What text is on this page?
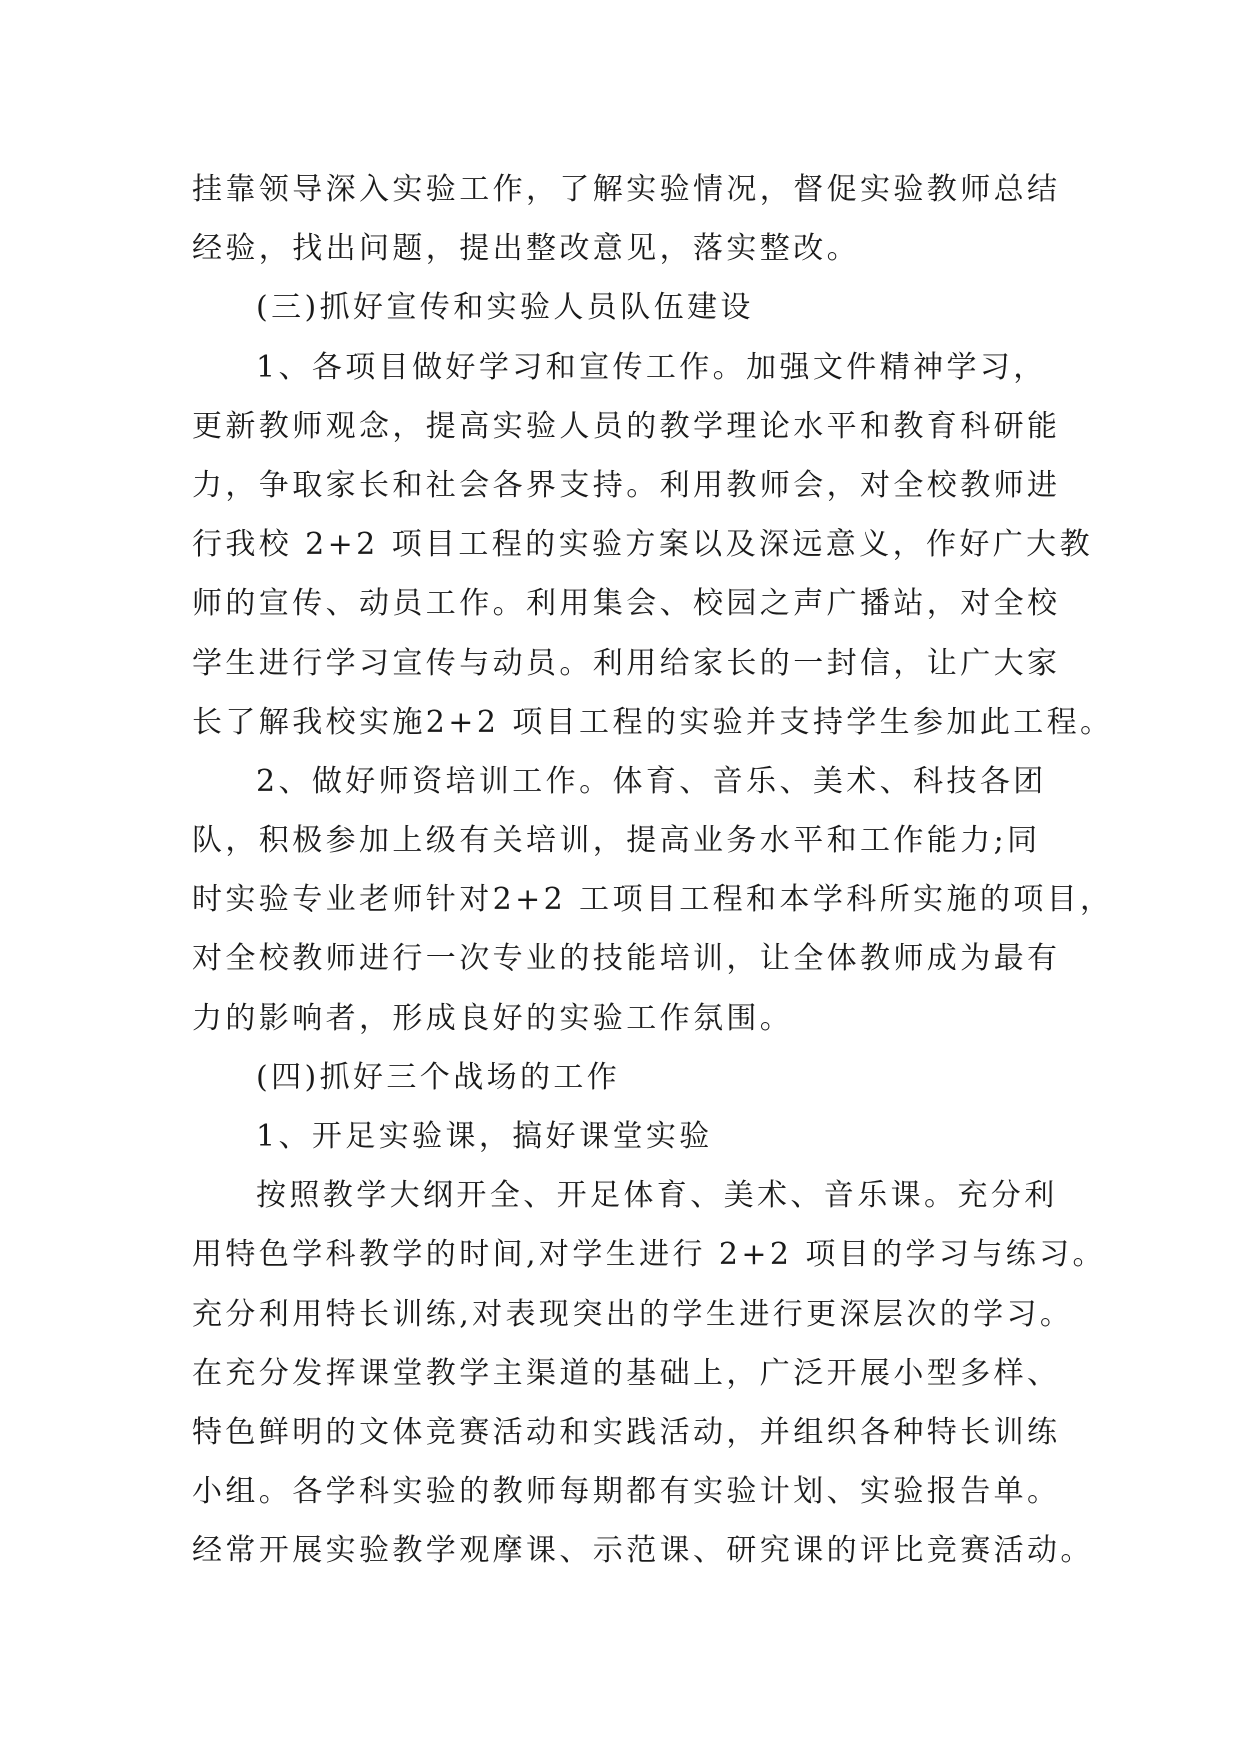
挂靠领导深入实验工作，了解实验情况，督促实验教师总结
经验，找出问题，提出整改意见，落实整改。
(三)抓好宣传和实验人员队伍建设
1、各项目做好学习和宣传工作。加强文件精神学习，
更新教师观念，提高实验人员的教学理论水平和教育科研能
力，争取家长和社会各界支持。利用教师会，对全校教师进
行我校 2+2 项目工程的实验方案以及深远意义，作好广大教
师的宣传、动员工作。利用集会、校园之声广播站，对全校
学生进行学习宣传与动员。利用给家长的一封信，让广大家
长了解我校实施2+2 项目工程的实验并支持学生参加此工程。
2、做好师资培训工作。体育、音乐、美术、科技各团
队，积极参加上级有关培训，提高业务水平和工作能力;同
时实验专业老师针对2+2 工项目工程和本学科所实施的项目，
对全校教师进行一次专业的技能培训，让全体教师成为最有
力的影响者，形成良好的实验工作氛围。
(四)抓好三个战场的工作
1、开足实验课，搞好课堂实验
按照教学大纲开全、开足体育、美术、音乐课。充分利
用特色学科教学的时间,对学生进行 2+2 项目的学习与练习。
充分利用特长训练,对表现突出的学生进行更深层次的学习。
在充分发挥课堂教学主渠道的基础上，广泛开展小型多样、
特色鲜明的文体竞赛活动和实践活动，并组织各种特长训练
小组。各学科实验的教师每期都有实验计划、实验报告单。
经常开展实验教学观摩课、示范课、研究课的评比竞赛活动。
